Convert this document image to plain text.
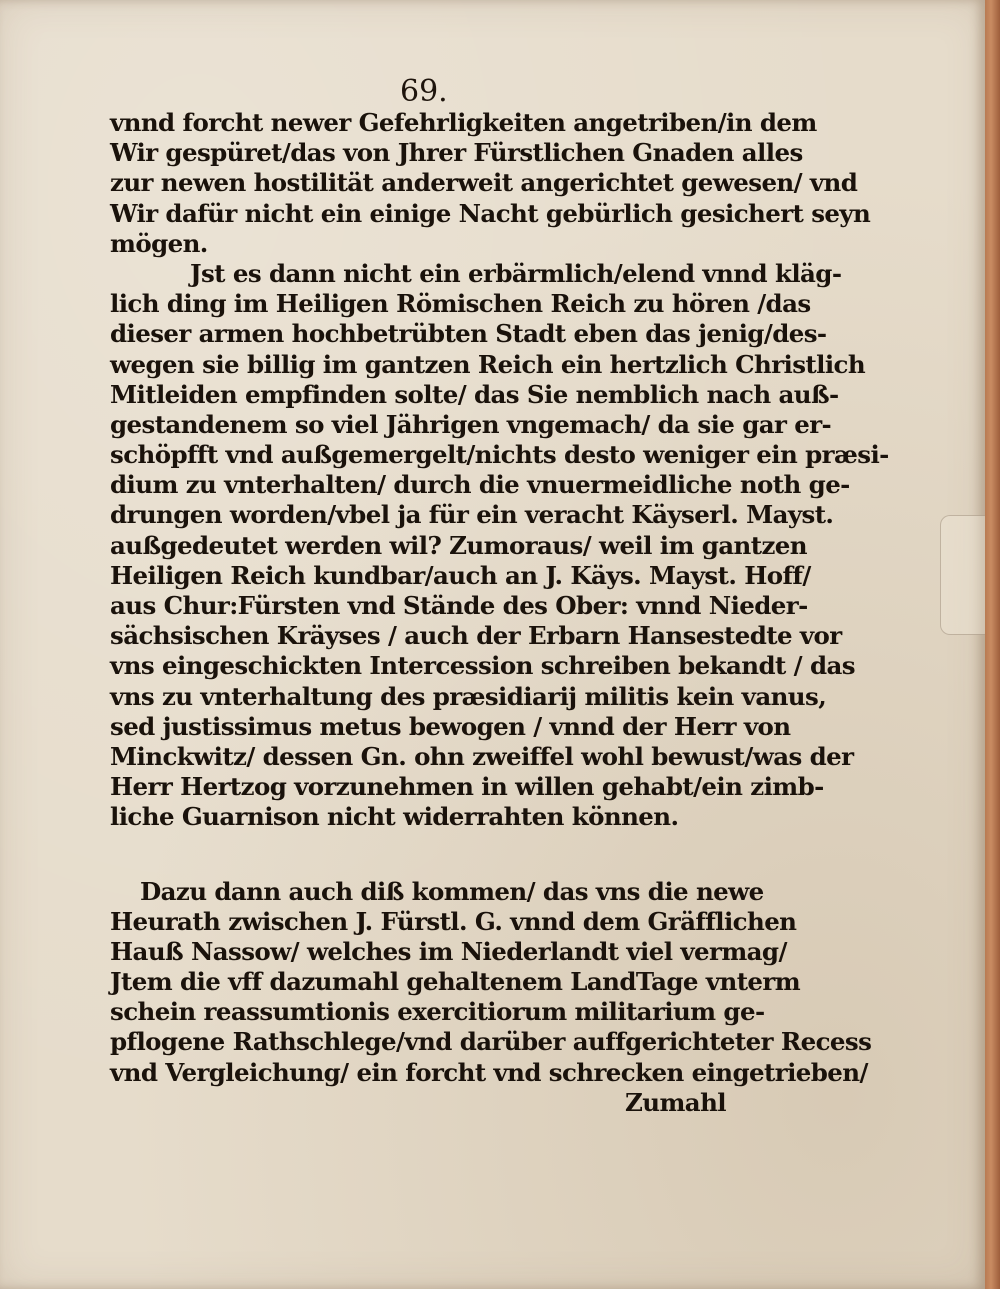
69.
vnnd forcht newer Gefehrligkeiten angetriben/in dem
Wir gespüret/das von Jhrer Fürstlichen Gnaden alles
zur newen hostilität anderweit angerichtet gewesen/ vnd
Wir dafür nicht ein einige Nacht gebürlich gesichert seyn
mögen.
Jst es dann nicht ein erbärmlich/elend vnnd kläg-
lich ding im Heiligen Römischen Reich zu hören /das
dieser armen hochbetrübten Stadt eben das jenig/des-
wegen sie billig im gantzen Reich ein hertzlich Christlich
Mitleiden empfinden solte/ das Sie nemblich nach auß-
gestandenem so viel Jährigen vngemach/ da sie gar er-
schöpfft vnd außgemergelt/nichts desto weniger ein præsi-
dium zu vnterhalten/ durch die vnuermeidliche noth ge-
drungen worden/vbel ja für ein veracht Käyserl. Mayst.
außgedeutet werden wil? Zumoraus/ weil im gantzen
Heiligen Reich kundbar/auch an J. Käys. Mayst. Hoff/
aus Chur:Fürsten vnd Stände des Ober: vnnd Nieder-
sächsischen Kräyses / auch der Erbarn Hansestedte vor
vns eingeschickten Intercession schreiben bekandt / das
vns zu vnterhaltung des præsidiarij militis kein vanus,
sed justissimus metus bewogen / vnnd der Herr von
Minckwitz/ dessen Gn. ohn zweiffel wohl bewust/was der
Herr Hertzog vorzunehmen in willen gehabt/ein zimb-
liche Guarnison nicht widerrahten können.
Dazu dann auch diß kommen/ das vns die newe
Heurath zwischen J. Fürstl. G. vnnd dem Gräfflichen
Hauß Nassow/ welches im Niederlandt viel vermag/
Jtem die vff dazumahl gehaltenem LandTage vnterm
schein reassumtionis exercitiorum militarium ge-
pflogene Rathschlege/vnd darüber auffgerichteter Recess
vnd Vergleichung/ ein forcht vnd schrecken eingetrieben/
Zumahl
